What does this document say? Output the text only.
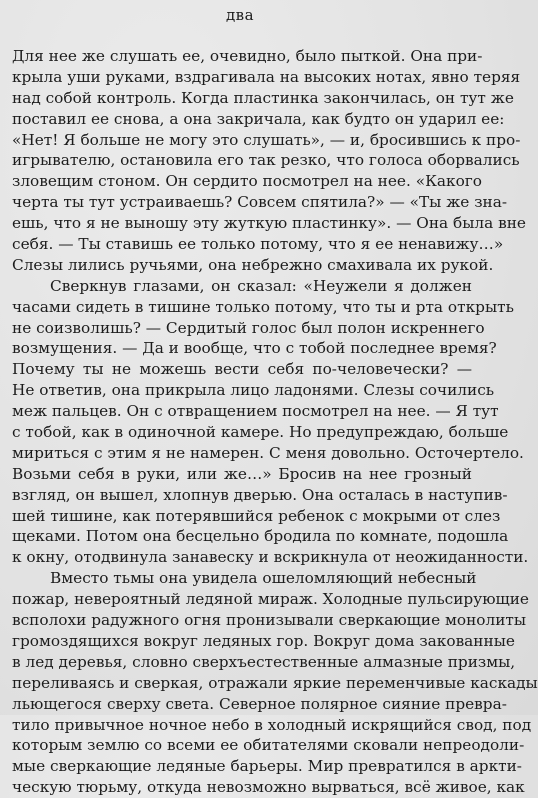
два
Для нее же слушать ее, очевидно, было пыткой. Она при-
крыла уши руками, вздрагивала на высоких нотах, явно теряя
над собой контроль. Когда пластинка закончилась, он тут же
поставил ее снова, а она закричала, как будто он ударил ее:
«Нет! Я больше не могу это слушать», — и, бросившись к про-
игрывателю, остановила его так резко, что голоса оборвались
зловещим стоном. Он сердито посмотрел на нее. «Какого
черта ты тут устраиваешь? Совсем спятила?» — «Ты же зна-
ешь, что я не выношу эту жуткую пластинку». — Она была вне
себя. — Ты ставишь ее только потому, что я ее ненавижу…»
Слезы лились ручьями, она небрежно смахивала их рукой.
Сверкнув глазами, он сказал: «Неужели я должен
часами сидеть в тишине только потому, что ты и рта открыть
не соизволишь? — Сердитый голос был полон искреннего
возмущения. — Да и вообще, что с тобой последнее время?
Почему ты не можешь вести себя по-человечески? —
Не ответив, она прикрыла лицо ладонями. Слезы сочились
меж пальцев. Он с отвращением посмотрел на нее. — Я тут
с тобой, как в одиночной камере. Но предупреждаю, больше
мириться с этим я не намерен. С меня довольно. Осточертело.
Возьми себя в руки, или же…» Бросив на нее грозный
взгляд, он вышел, хлопнув дверью. Она осталась в наступив-
шей тишине, как потерявшийся ребенок с мокрыми от слез
щеками. Потом она бесцельно бродила по комнате, подошла
к окну, отодвинула занавеску и вскрикнула от неожиданности.
Вместо тьмы она увидела ошеломляющий небесный
пожар, невероятный ледяной мираж. Холодные пульсирующие
всполохи радужного огня пронизывали сверкающие монолиты
громоздящихся вокруг ледяных гор. Вокруг дома закованные
в лед деревья, словно сверхъестественные алмазные призмы,
переливаясь и сверкая, отражали яркие переменчивые каскады
льющегося сверху света. Северное полярное сияние превра-
тило привычное ночное небо в холодный искрящийся свод, под
которым землю со всеми ее обитателями сковали непреодоли-
мые сверкающие ледяные барьеры. Мир превратился в аркти-
ческую тюрьму, откуда невозможно вырваться, всё живое, как
